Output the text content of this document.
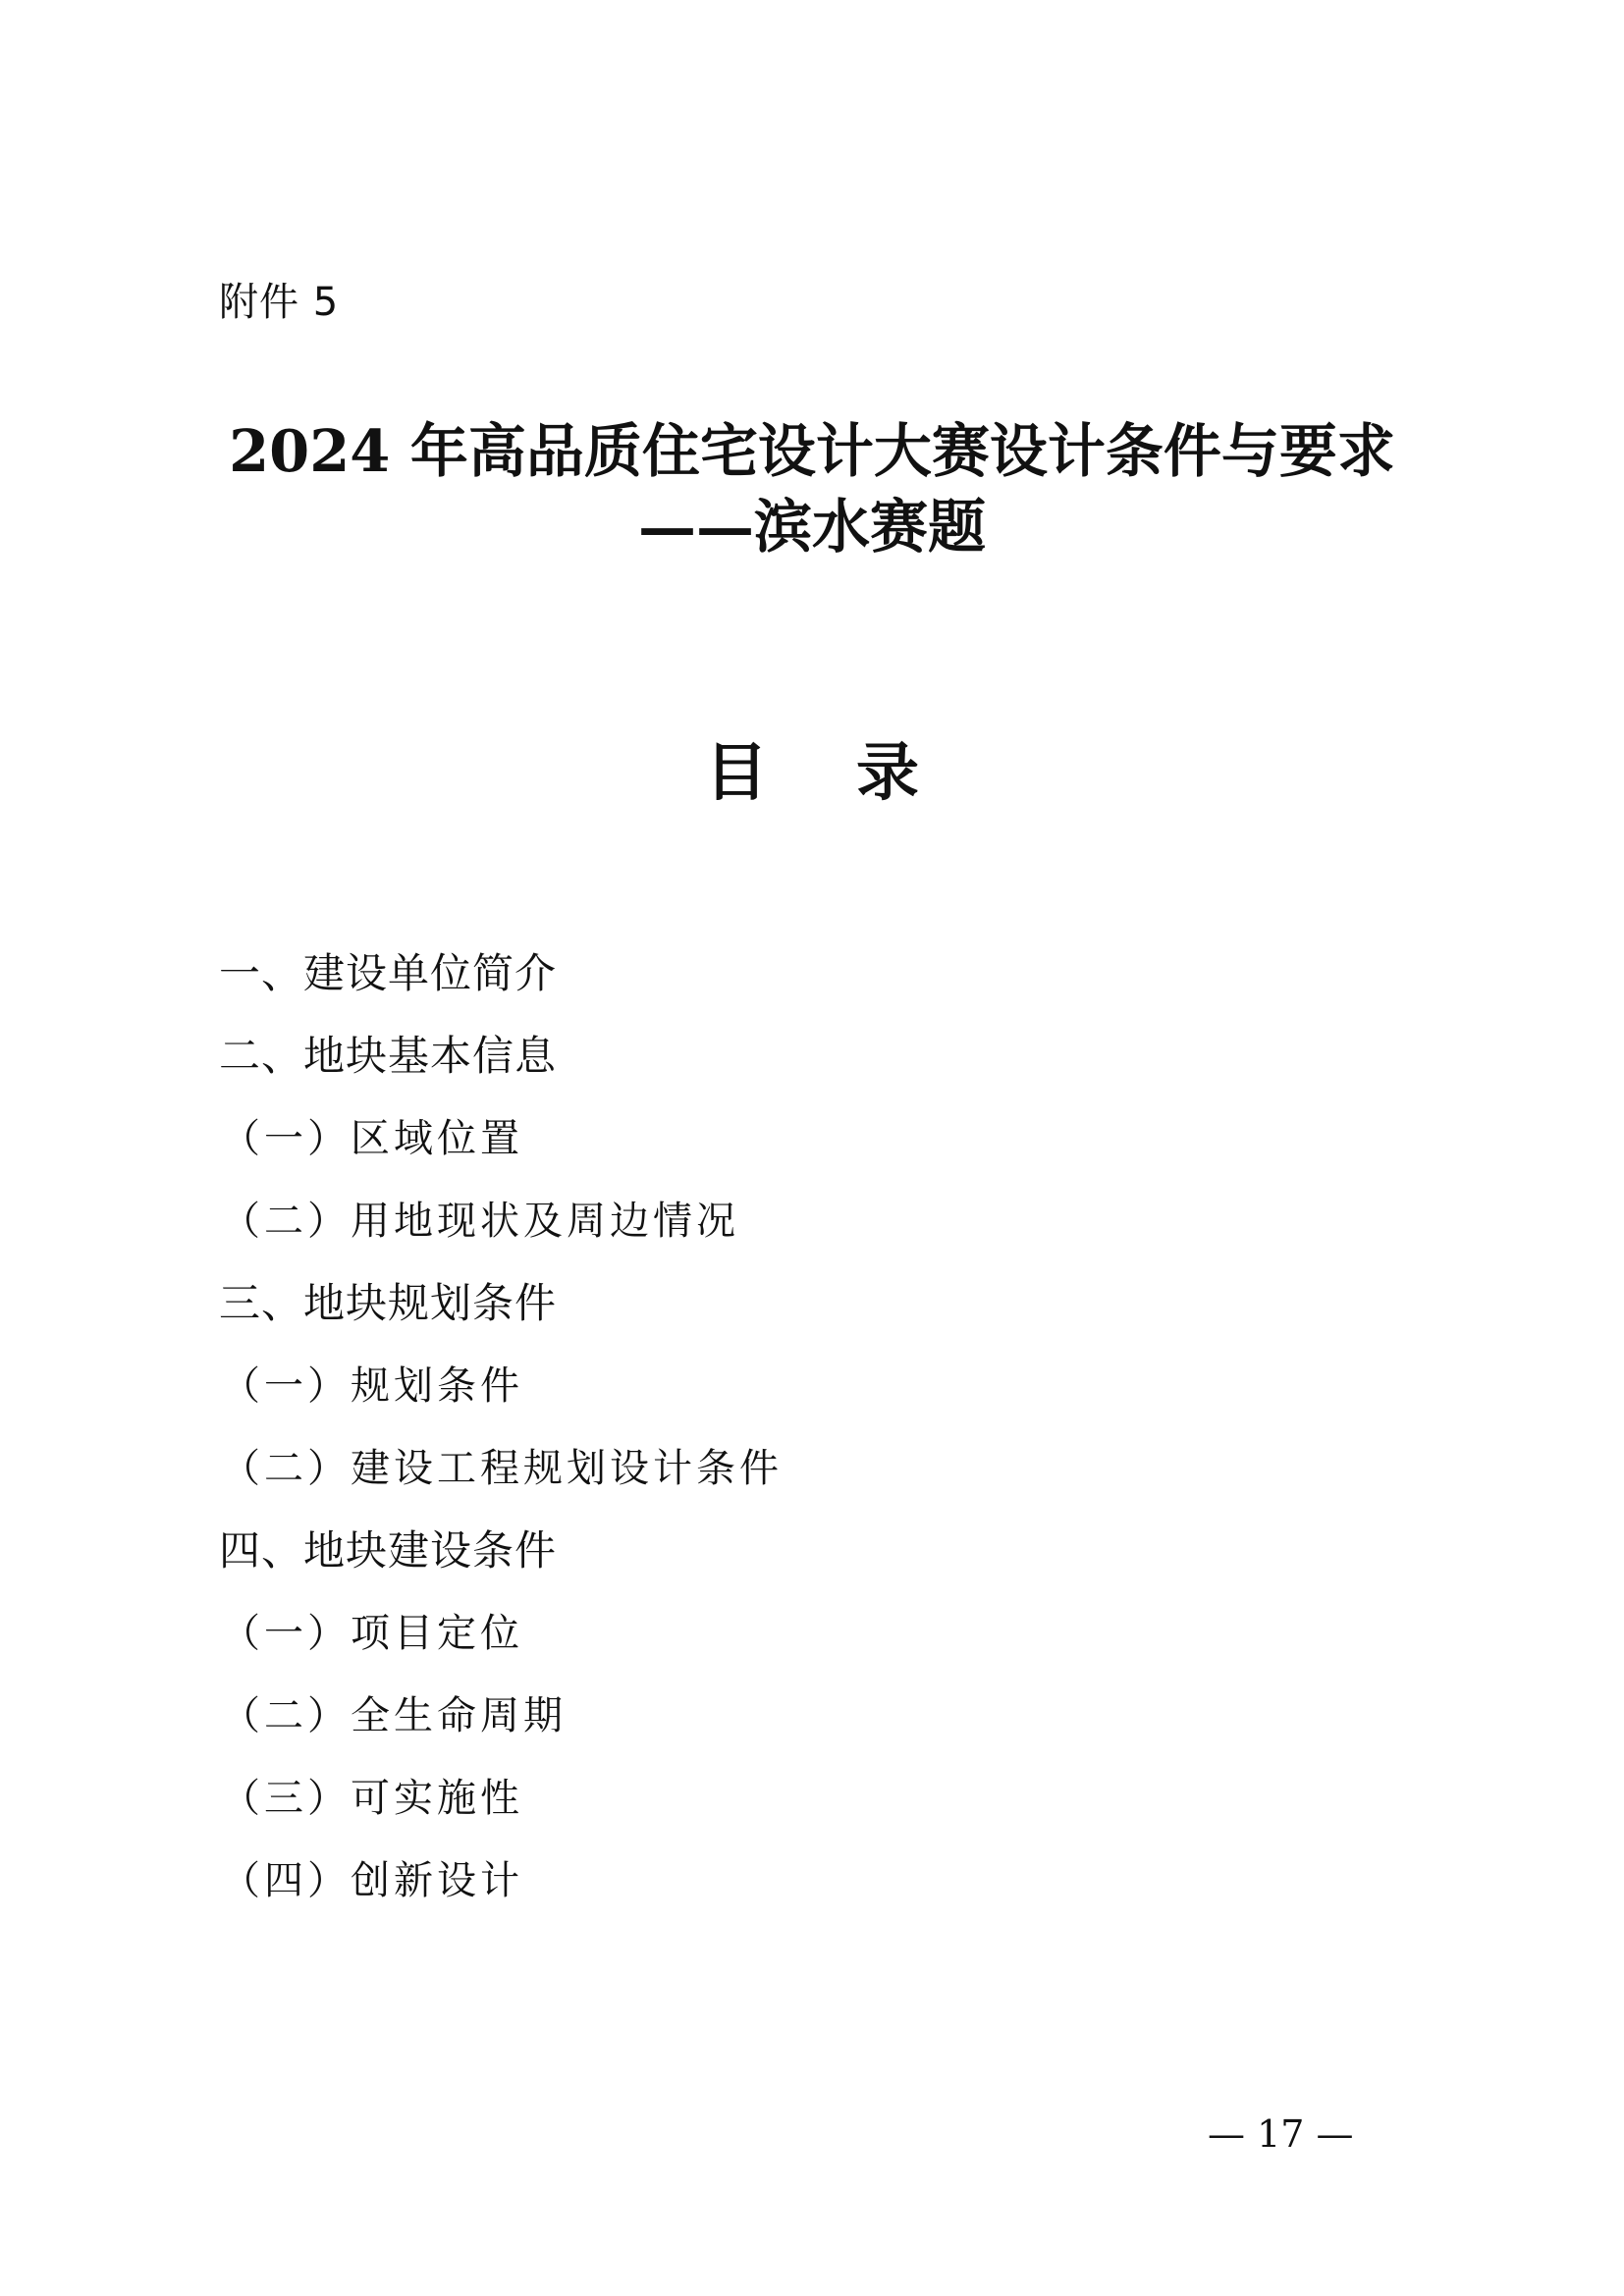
附件 5
2024 年高品质住宅设计大赛设计条件与要求
——滨水赛题
目 录
一、建设单位简介
二、地块基本信息
（一）区域位置
（二）用地现状及周边情况
三、地块规划条件
（一）规划条件
（二）建设工程规划设计条件
四、地块建设条件
（一）项目定位
（二）全生命周期
（三）可实施性
（四）创新设计
— 17 —
